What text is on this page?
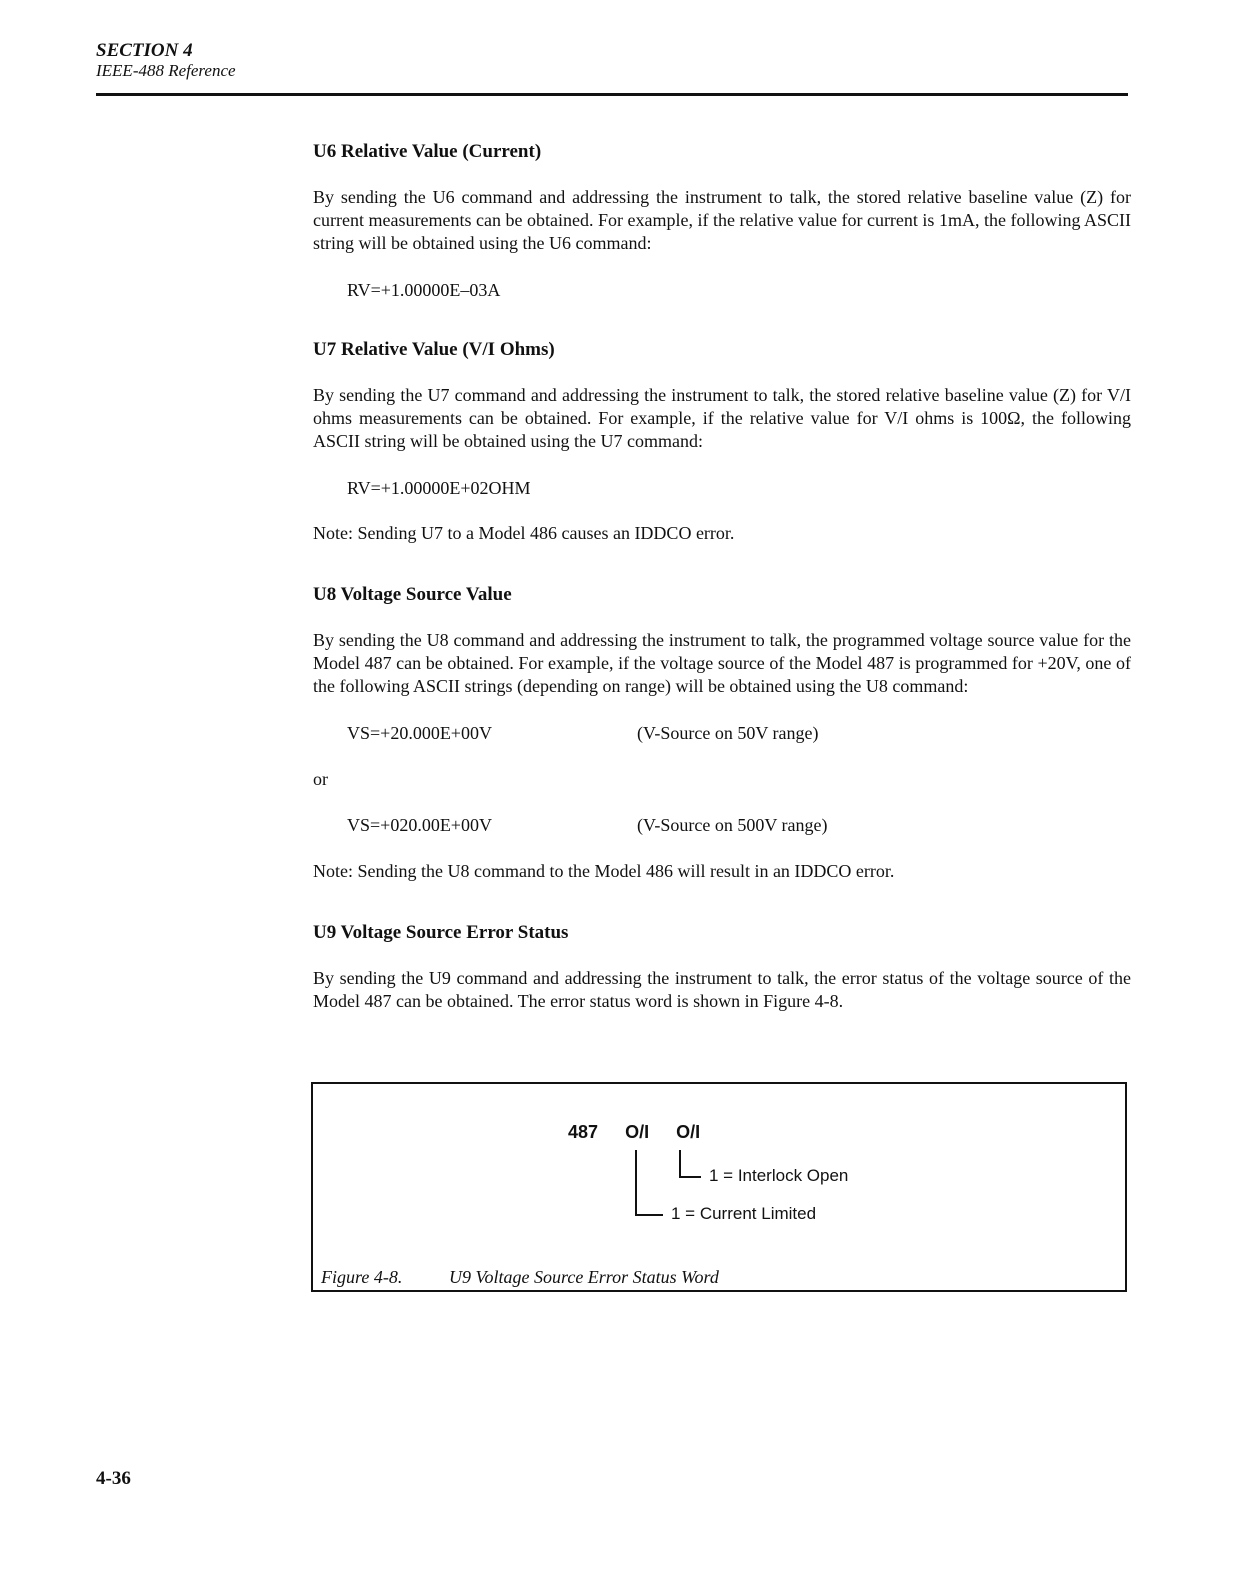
SECTION 4
IEEE-488 Reference
U6 Relative Value (Current)
By sending the U6 command and addressing the instrument to talk, the stored relative baseline value (Z) for current measurements can be obtained. For example, if the relative value for current is 1mA, the following ASCII string will be obtained using the U6 command:
RV=+1.00000E–03A
U7 Relative Value (V/I Ohms)
By sending the U7 command and addressing the instrument to talk, the stored relative baseline value (Z) for V/I ohms measurements can be obtained. For example, if the relative value for V/I ohms is 100Ω, the following ASCII string will be obtained using the U7 command:
RV=+1.00000E+02OHM
Note: Sending U7 to a Model 486 causes an IDDCO error.
U8 Voltage Source Value
By sending the U8 command and addressing the instrument to talk, the programmed voltage source value for the Model 487 can be obtained. For example, if the voltage source of the Model 487 is programmed for +20V, one of the following ASCII strings (depending on range) will be obtained using the U8 command:
VS=+20.000E+00V	(V-Source on 50V range)
or
VS=+020.00E+00V	(V-Source on 500V range)
Note: Sending the U8 command to the Model 486 will result in an IDDCO error.
U9 Voltage Source Error Status
By sending the U9 command and addressing the instrument to talk, the error status of the voltage source of the Model 487 can be obtained. The error status word is shown in Figure 4-8.
487 O/I O/I
1 = Interlock Open
1 = Current Limited
Figure 4-8.	U9 Voltage Source Error Status Word
4-36
